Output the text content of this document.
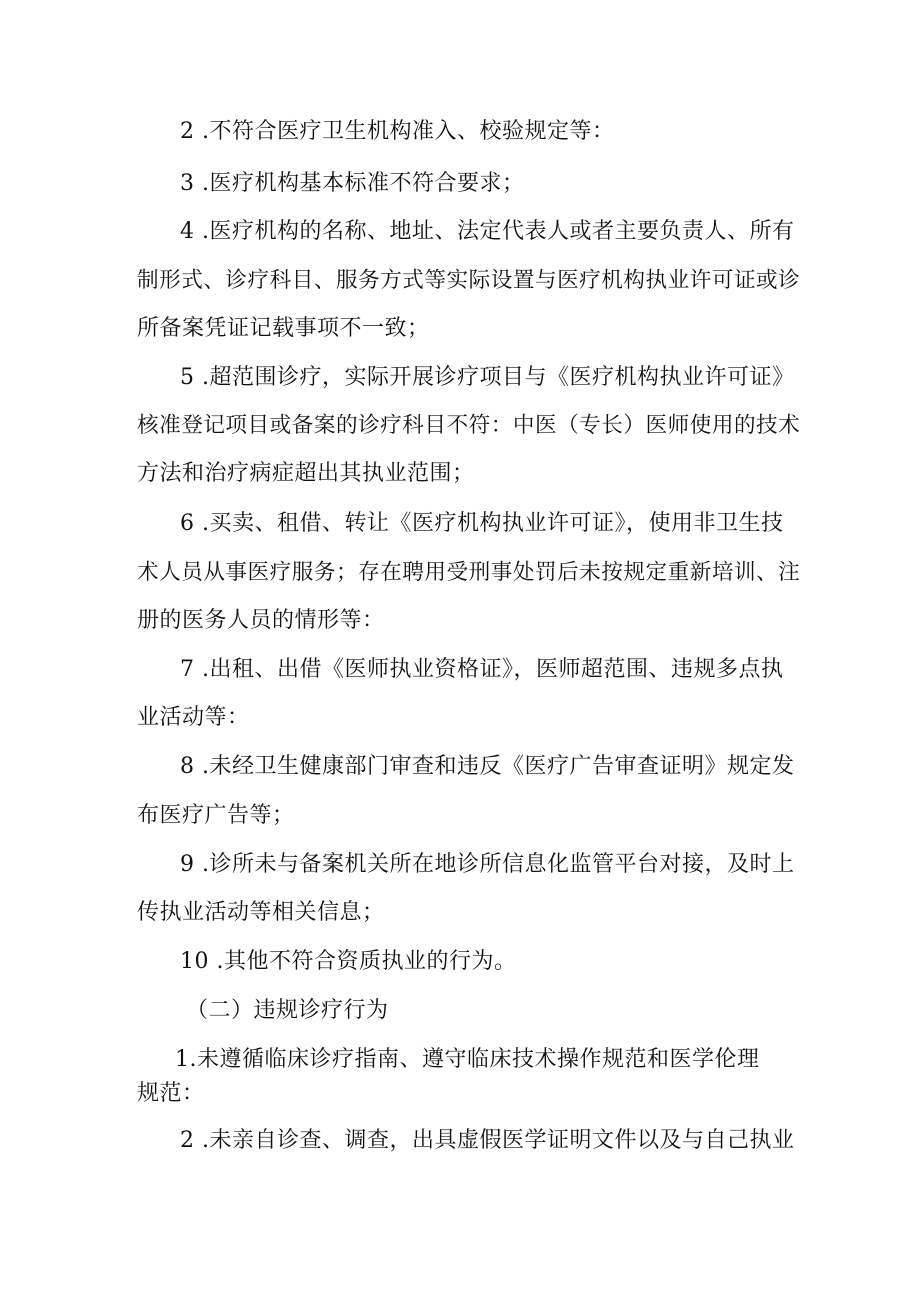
2 .不符合医疗卫生机构准入、校验规定等：
3 .医疗机构基本标准不符合要求；
4 .医疗机构的名称、地址、法定代表人或者主要负责人、所有
制形式、诊疗科目、服务方式等实际设置与医疗机构执业许可证或诊
所备案凭证记载事项不一致；
5 .超范围诊疗，实际开展诊疗项目与《医疗机构执业许可证》
核准登记项目或备案的诊疗科目不符：中医（专长）医师使用的技术
方法和治疗病症超出其执业范围；
6 .买卖、租借、转让《医疗机构执业许可证》，使用非卫生技
术人员从事医疗服务；存在聘用受刑事处罚后未按规定重新培训、注
册的医务人员的情形等：
7 .出租、出借《医师执业资格证》，医师超范围、违规多点执
业活动等：
8 .未经卫生健康部门审查和违反《医疗广告审查证明》规定发
布医疗广告等；
9 .诊所未与备案机关所在地诊所信息化监管平台对接，及时上
传执业活动等相关信息；
10 .其他不符合资质执业的行为。
（二）违规诊疗行为
1.未遵循临床诊疗指南、遵守临床技术操作规范和医学伦理
规范：
2 .未亲自诊查、调查，出具虚假医学证明文件以及与自己执业
